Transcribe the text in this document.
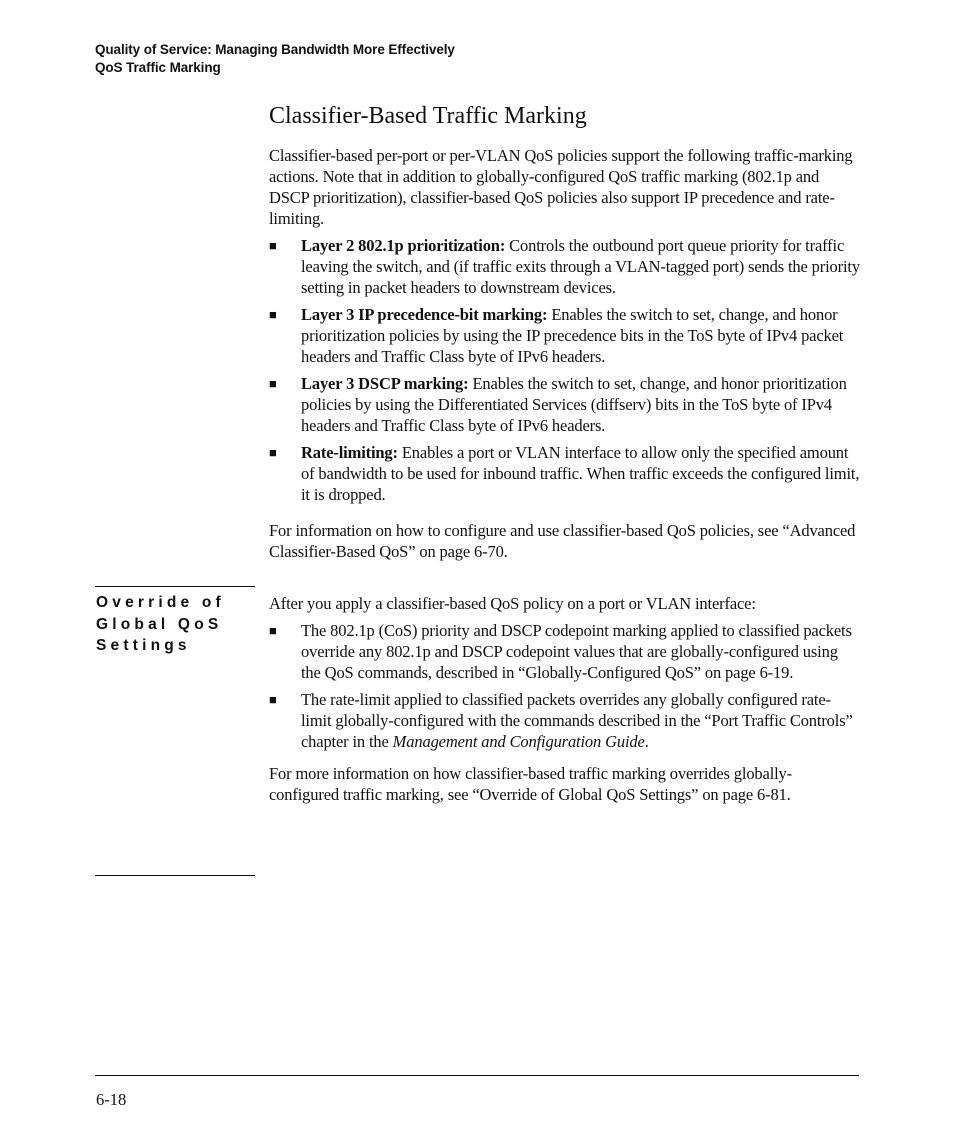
Quality of Service: Managing Bandwidth More Effectively
QoS Traffic Marking
Classifier-Based Traffic Marking

Classifier-based per-port or per-VLAN QoS policies support the following traffic-marking actions. Note that in addition to globally-configured QoS traffic marking (802.1p and DSCP prioritization), classifier-based QoS policies also support IP precedence and rate-limiting.

■ Layer 2 802.1p prioritization: Controls the outbound port queue priority for traffic leaving the switch, and (if traffic exits through a VLAN-tagged port) sends the priority setting in packet headers to downstream devices.
■ Layer 3 IP precedence-bit marking: Enables the switch to set, change, and honor prioritization policies by using the IP precedence bits in the ToS byte of IPv4 packet headers and Traffic Class byte of IPv6 headers.
■ Layer 3 DSCP marking: Enables the switch to set, change, and honor prioritization policies by using the Differentiated Services (diffserv) bits in the ToS byte of IPv4 headers and Traffic Class byte of IPv6 headers.
■ Rate-limiting: Enables a port or VLAN interface to allow only the specified amount of bandwidth to be used for inbound traffic. When traffic exceeds the configured limit, it is dropped.

For information on how to configure and use classifier-based QoS policies, see “Advanced Classifier-Based QoS” on page 6-70.

Override of
Global QoS
Settings

After you apply a classifier-based QoS policy on a port or VLAN interface:

■ The 802.1p (CoS) priority and DSCP codepoint marking applied to classified packets override any 802.1p and DSCP codepoint values that are globally-configured using the QoS commands, described in “Globally-Configured QoS” on page 6-19.
■ The rate-limit applied to classified packets overrides any globally configured rate-limit globally-configured with the commands described in the “Port Traffic Controls” chapter in the Management and Configuration Guide.

For more information on how classifier-based traffic marking overrides globally-configured traffic marking, see “Override of Global QoS Settings” on page 6-81.

6-18
